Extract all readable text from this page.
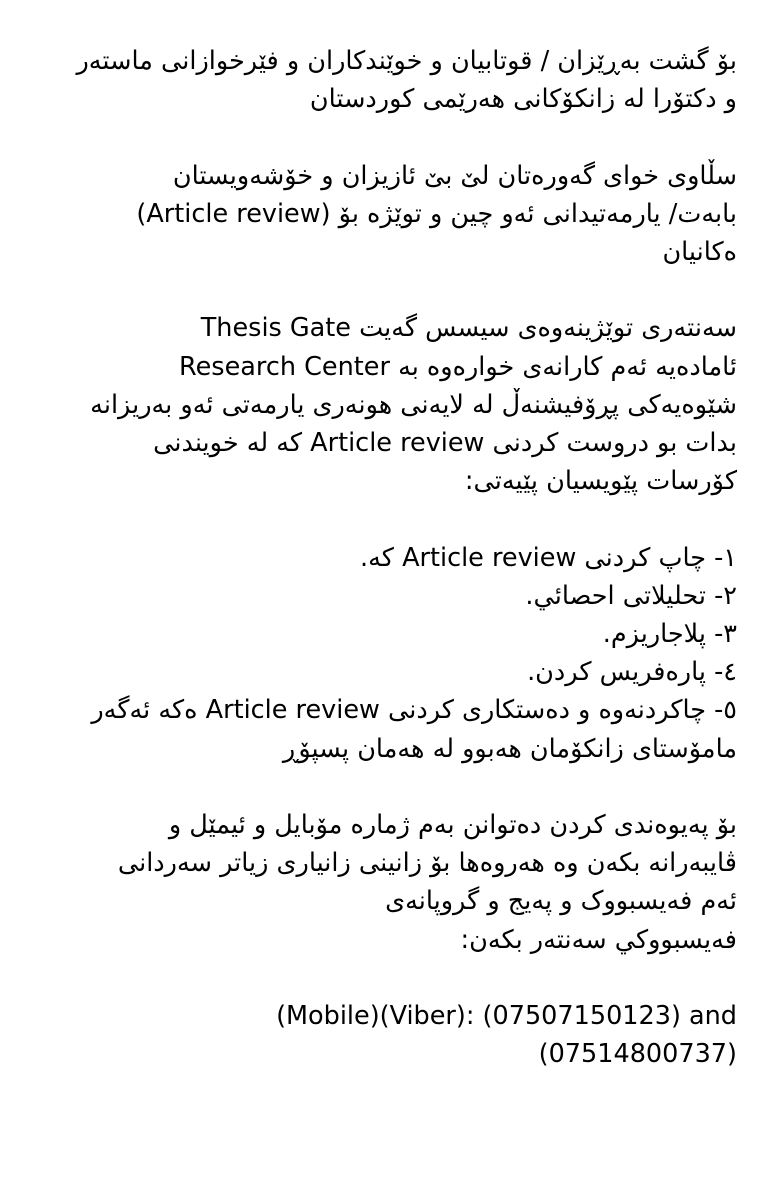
بۆ گشت بەڕێزان / قوتابیان و خوێندکاران و فێرخوازانی ماستەر
و دکتۆرا لە زانکۆکانی هەرێمی کوردستان
سڵاوی خوای گەورەتان لێ بێ ئازیزان و خۆشەویستان
بابەت/ یارمەتیدانی ئەو چین و توێژە بۆ (Article review)
ەکانیان
سەنتەری توێژینەوەی سیسس گەیت Thesis Gate
Research Center ئامادەیە ئەم کارانەی خوارەوە بە
شێوەیەکی پڕۆفیشنەڵ لە لایەنی هونەری یارمەتی ئەو بەریزانە
بدات بو دروست کردنی Article review کە لە خویندنی
کۆرسات پێویسیان پێیەتی:
١- چاپ کردنی Article review کە.
٢- تحلیلاتی احصائي.
٣- پلاجاریزم.
٤- پارەفریس کردن.
٥- چاکردنەوە و دەستکاری کردنی Article review ەکە ئەگەر
مامۆستای زانکۆمان هەبوو لە هەمان پسپۆڕ
بۆ پەیوەندی کردن دەتوانن بەم ژمارە مۆبایل و ئیمێل و
ڤایبەرانە بکەن وە هەروەها بۆ زانینی زانیاری زیاتر سەردانی
ئەم فەیسبووک و پەیج و گروپانەی
فەیسبووکي سەنتەر بکەن:
(Mobile)(Viber): (07507150123) and
(07514800737)
